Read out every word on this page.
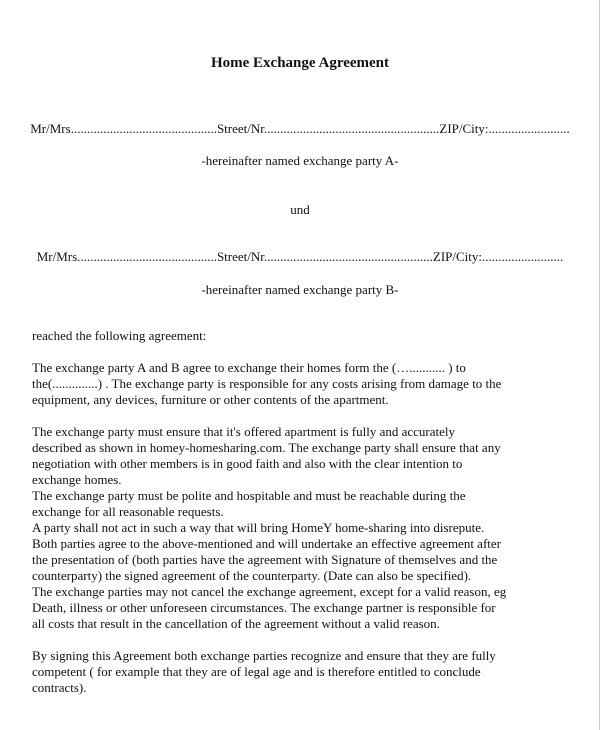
Home Exchange Agreement
Mr/Mrs.............................................Street/Nr......................................................ZIP/City:.........................
-hereinafter named exchange party A-
und
Mr/Mrs...........................................Street/Nr....................................................ZIP/City:.........................
-hereinafter named exchange party B-
reached the following agreement:
The exchange party A and B agree to exchange their homes form the (…........... ) to
the(..............) . The exchange party is responsible for any costs arising from damage to the
equipment, any devices, furniture or other contents of the apartment.
The exchange party must ensure that it's offered apartment is fully and accurately
described as shown in homey-homesharing.com. The exchange party shall ensure that any
negotiation with other members is in good faith and also with the clear intention to
exchange homes.
The exchange party must be polite and hospitable and must be reachable during the
exchange for all reasonable requests.
A party shall not act in such a way that will bring HomeY home-sharing into disrepute.
Both parties agree to the above-mentioned and will undertake an effective agreement after
the presentation of (both parties have the agreement with Signature of themselves and the
counterparty) the signed agreement of the counterparty. (Date can also be specified).
The exchange parties may not cancel the exchange agreement, except for a valid reason, eg
Death, illness or other unforeseen circumstances. The exchange partner is responsible for
all costs that result in the cancellation of the agreement without a valid reason.
By signing this Agreement both exchange parties recognize and ensure that they are fully
competent ( for example that they are of legal age and is therefore entitled to conclude
contracts).
